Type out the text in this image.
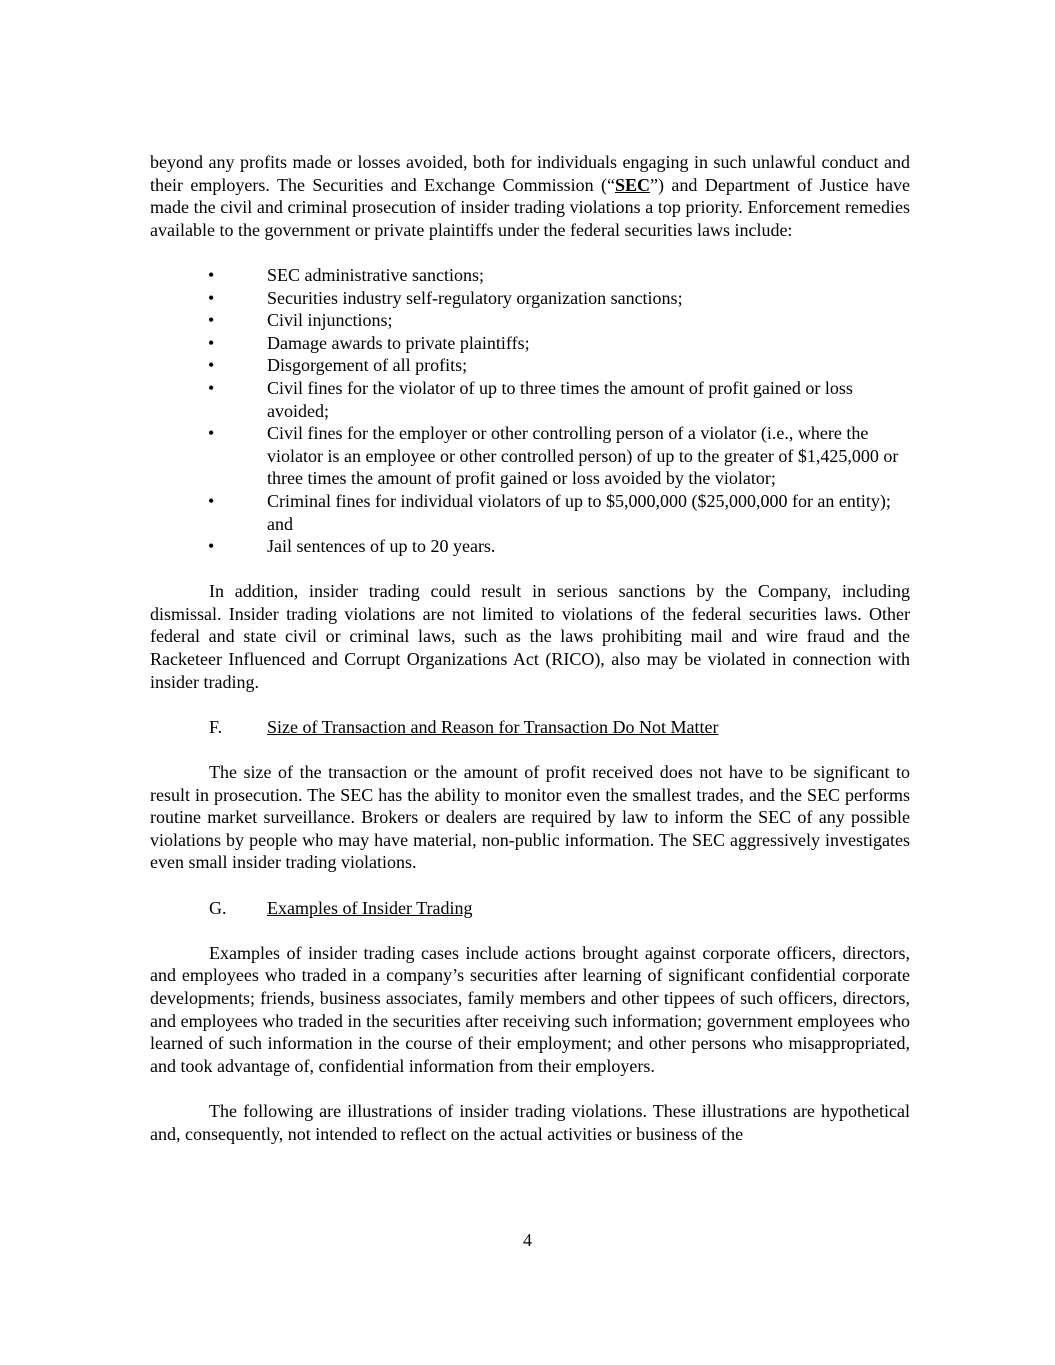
beyond any profits made or losses avoided, both for individuals engaging in such unlawful conduct and their employers. The Securities and Exchange Commission (“SEC”) and Department of Justice have made the civil and criminal prosecution of insider trading violations a top priority. Enforcement remedies available to the government or private plaintiffs under the federal securities laws include:

•	SEC administrative sanctions;
•	Securities industry self-regulatory organization sanctions;
•	Civil injunctions;
•	Damage awards to private plaintiffs;
•	Disgorgement of all profits;
•	Civil fines for the violator of up to three times the amount of profit gained or loss avoided;
•	Civil fines for the employer or other controlling person of a violator (i.e., where the violator is an employee or other controlled person) of up to the greater of $1,425,000 or three times the amount of profit gained or loss avoided by the violator;
•	Criminal fines for individual violators of up to $5,000,000 ($25,000,000 for an entity); and
•	Jail sentences of up to 20 years.

In addition, insider trading could result in serious sanctions by the Company, including dismissal. Insider trading violations are not limited to violations of the federal securities laws. Other federal and state civil or criminal laws, such as the laws prohibiting mail and wire fraud and the Racketeer Influenced and Corrupt Organizations Act (RICO), also may be violated in connection with insider trading.

F. Size of Transaction and Reason for Transaction Do Not Matter

The size of the transaction or the amount of profit received does not have to be significant to result in prosecution. The SEC has the ability to monitor even the smallest trades, and the SEC performs routine market surveillance. Brokers or dealers are required by law to inform the SEC of any possible violations by people who may have material, non-public information. The SEC aggressively investigates even small insider trading violations.

G. Examples of Insider Trading

Examples of insider trading cases include actions brought against corporate officers, directors, and employees who traded in a company’s securities after learning of significant confidential corporate developments; friends, business associates, family members and other tippees of such officers, directors, and employees who traded in the securities after receiving such information; government employees who learned of such information in the course of their employment; and other persons who misappropriated, and took advantage of, confidential information from their employers.

The following are illustrations of insider trading violations. These illustrations are hypothetical and, consequently, not intended to reflect on the actual activities or business of the

4
